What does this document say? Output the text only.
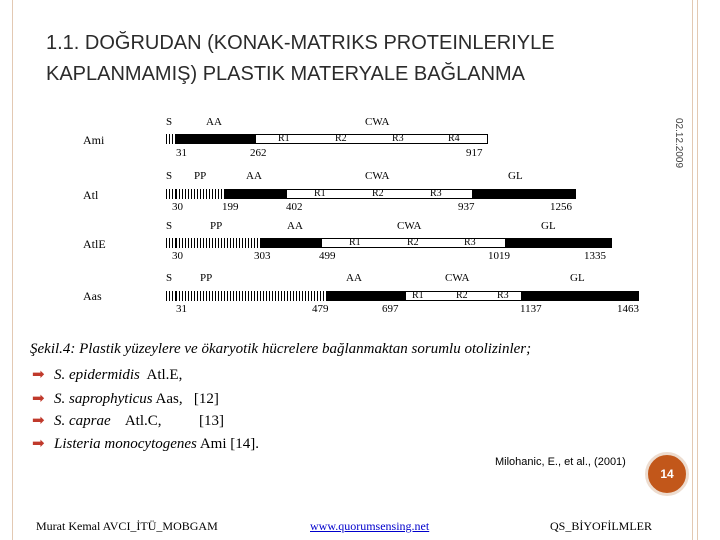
1.1. DOĞRUDAN (KONAK-MATRIKS PROTEINLERIYLE
KAPLANMAMIŞ) PLASTIK MATERYALE BAĞLANMA
02.12.2009
Ami
S	AA	CWA
R1	R2	R3	R4
31	262	917
Atl
S PP	AA	CWA	GL
R1	R2	R3
30	199	402	937	1256
AtlE
S	PP	AA	CWA	GL
R1	R2	R3
30	303	499	1019	1335
Aas
S	PP	AA	CWA	GL
R1	R2	R3
31	479	697	1137	1463
Şekil.4: Plastik yüzeylere ve ökaryotik hücrelere bağlanmaktan sorumlu otolizinler;
➡ S. epidermidis  Atl.E,
➡ S. saprophyticus Aas,   [12]
➡ S. caprae    Atl.C,          [13]
➡ Listeria monocytogenes Ami [14].
Milohanic, E., et al., (2001)
14
Murat Kemal AVCI_İTÜ_MOBGAM	www.quorumsensing.net	QS_BİYOFİLMLER
